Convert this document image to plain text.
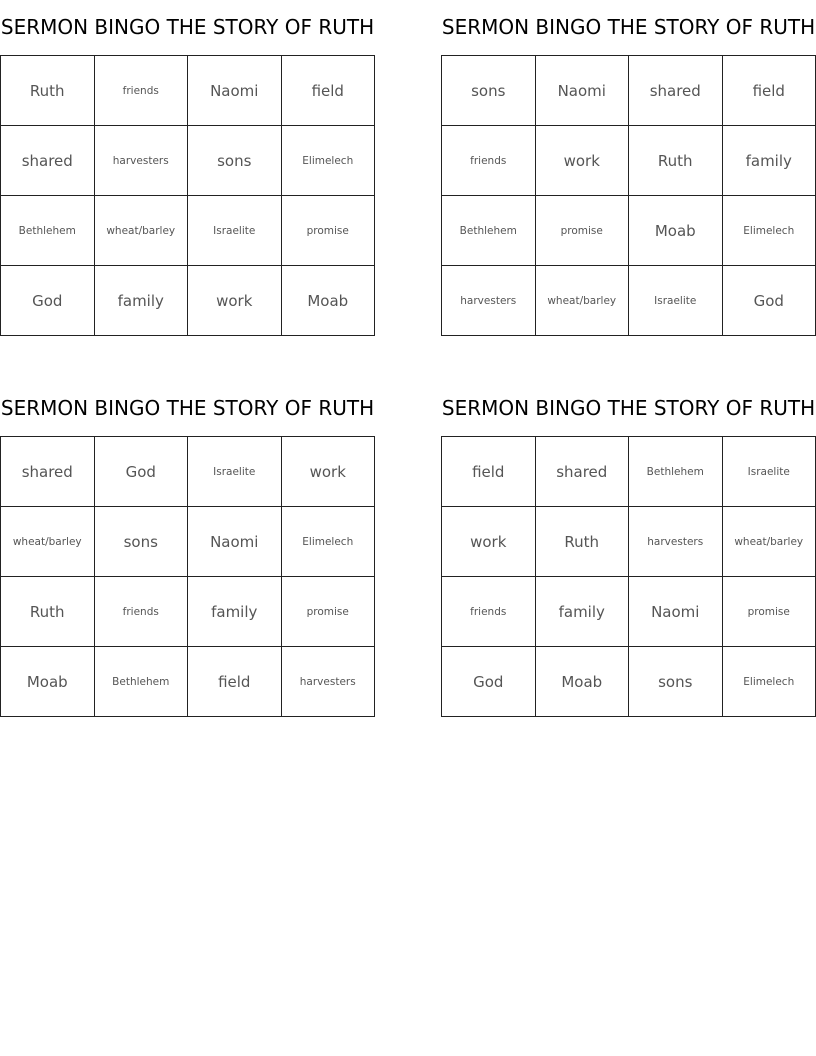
SERMON BINGO THE STORY OF RUTH
Ruth	friends	Naomi	field
shared	harvesters	sons	Elimelech
Bethlehem	wheat/barley	Israelite	promise
God	family	work	Moab
SERMON BINGO THE STORY OF RUTH
sons	Naomi	shared	field
friends	work	Ruth	family
Bethlehem	promise	Moab	Elimelech
harvesters	wheat/barley	Israelite	God
SERMON BINGO THE STORY OF RUTH
shared	God	Israelite	work
wheat/barley	sons	Naomi	Elimelech
Ruth	friends	family	promise
Moab	Bethlehem	field	harvesters
SERMON BINGO THE STORY OF RUTH
field	shared	Bethlehem	Israelite
work	Ruth	harvesters	wheat/barley
friends	family	Naomi	promise
God	Moab	sons	Elimelech
